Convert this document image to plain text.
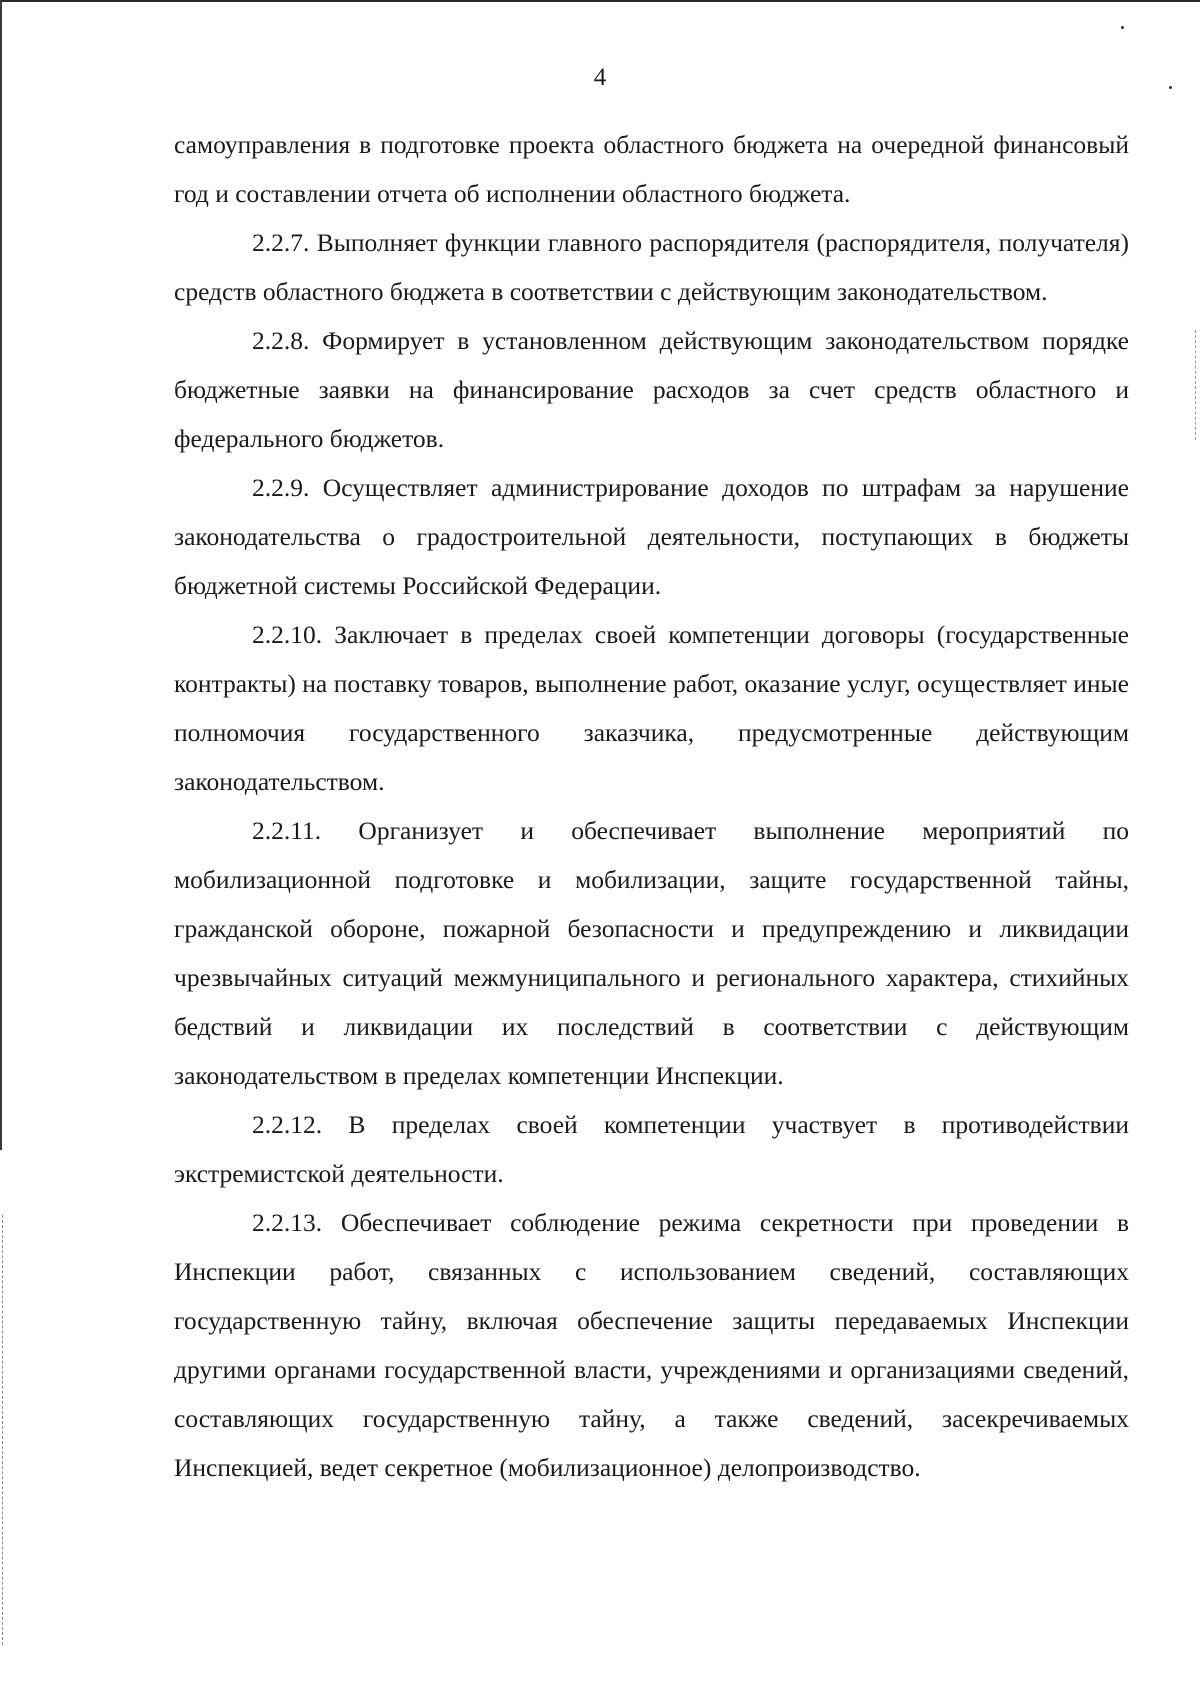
4

самоуправления в подготовке проекта областного бюджета на очередной финансовый год и составлении отчета об исполнении областного бюджета.

2.2.7. Выполняет функции главного распорядителя (распорядителя, получателя) средств областного бюджета в соответствии с действующим законодательством.

2.2.8. Формирует в установленном действующим законодательством порядке бюджетные заявки на финансирование расходов за счет средств областного и федерального бюджетов.

2.2.9. Осуществляет администрирование доходов по штрафам за нарушение законодательства о градостроительной деятельности, поступающих в бюджеты бюджетной системы Российской Федерации.

2.2.10. Заключает в пределах своей компетенции договоры (государственные контракты) на поставку товаров, выполнение работ, оказание услуг, осуществляет иные полномочия государственного заказчика, предусмотренные действующим законодательством.

2.2.11. Организует и обеспечивает выполнение мероприятий по мобилизационной подготовке и мобилизации, защите государственной тайны, гражданской обороне, пожарной безопасности и предупреждению и ликвидации чрезвычайных ситуаций межмуниципального и регионального характера, стихийных бедствий и ликвидации их последствий в соответствии с действующим законодательством в пределах компетенции Инспекции.

2.2.12. В пределах своей компетенции участвует в противодействии экстремистской деятельности.

2.2.13. Обеспечивает соблюдение режима секретности при проведении в Инспекции работ, связанных с использованием сведений, составляющих государственную тайну, включая обеспечение защиты передаваемых Инспекции другими органами государственной власти, учреждениями и организациями сведений, составляющих государственную тайну, а также сведений, засекречиваемых Инспекцией, ведет секретное (мобилизационное) делопроизводство.
